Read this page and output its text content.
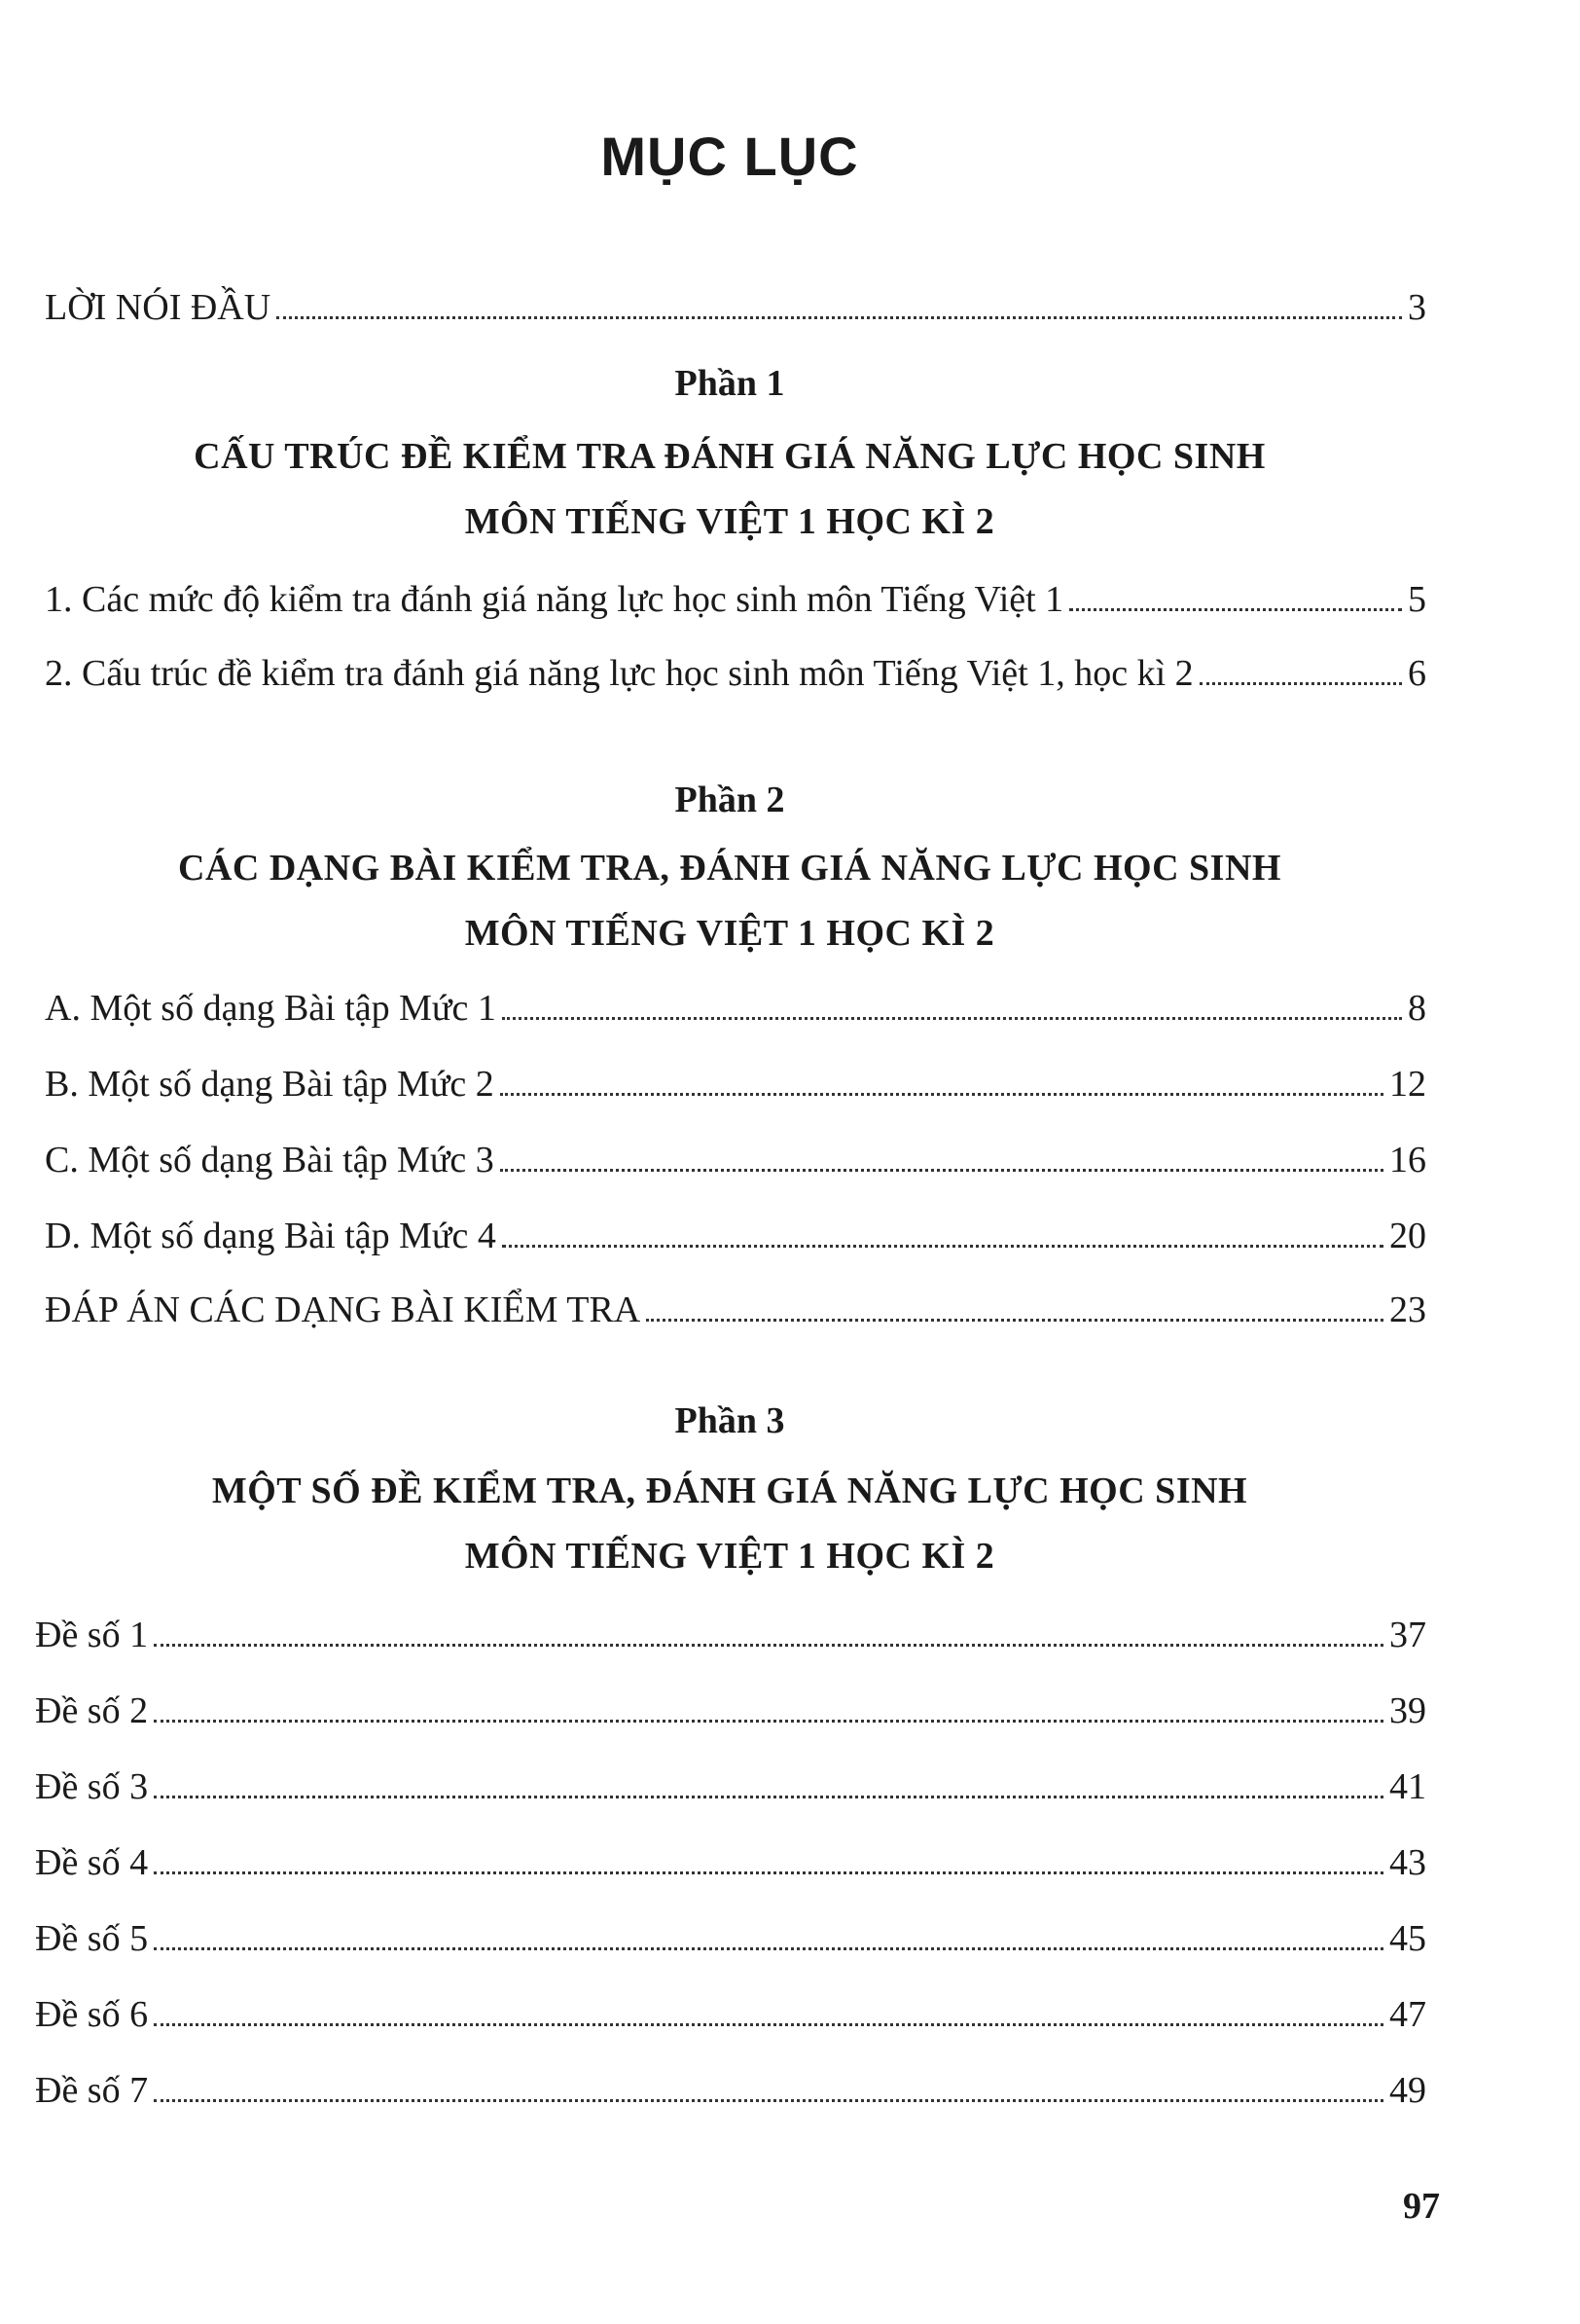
MỤC LỤC
LỜI NÓI ĐẦU	3
Phần 1
CẤU TRÚC ĐỀ KIỂM TRA ĐÁNH GIÁ NĂNG LỰC HỌC SINH
MÔN TIẾNG VIỆT 1 HỌC KÌ 2
1. Các mức độ kiểm tra đánh giá năng lực học sinh môn Tiếng Việt 1	5
2. Cấu trúc đề kiểm tra đánh giá năng lực học sinh môn Tiếng Việt 1, học kì 2	6
Phần 2
CÁC DẠNG BÀI KIỂM TRA, ĐÁNH GIÁ NĂNG LỰC HỌC SINH
MÔN TIẾNG VIỆT 1 HỌC KÌ 2
A. Một số dạng Bài tập Mức 1	8
B. Một số dạng Bài tập Mức 2	12
C. Một số dạng Bài tập Mức 3	16
D. Một số dạng Bài tập Mức 4	20
ĐÁP ÁN CÁC DẠNG BÀI KIỂM TRA	23
Phần 3
MỘT SỐ ĐỀ KIỂM TRA, ĐÁNH GIÁ NĂNG LỰC HỌC SINH
MÔN TIẾNG VIỆT 1 HỌC KÌ 2
Đề số 1	37
Đề số 2	39
Đề số 3	41
Đề số 4	43
Đề số 5	45
Đề số 6	47
Đề số 7	49
97
